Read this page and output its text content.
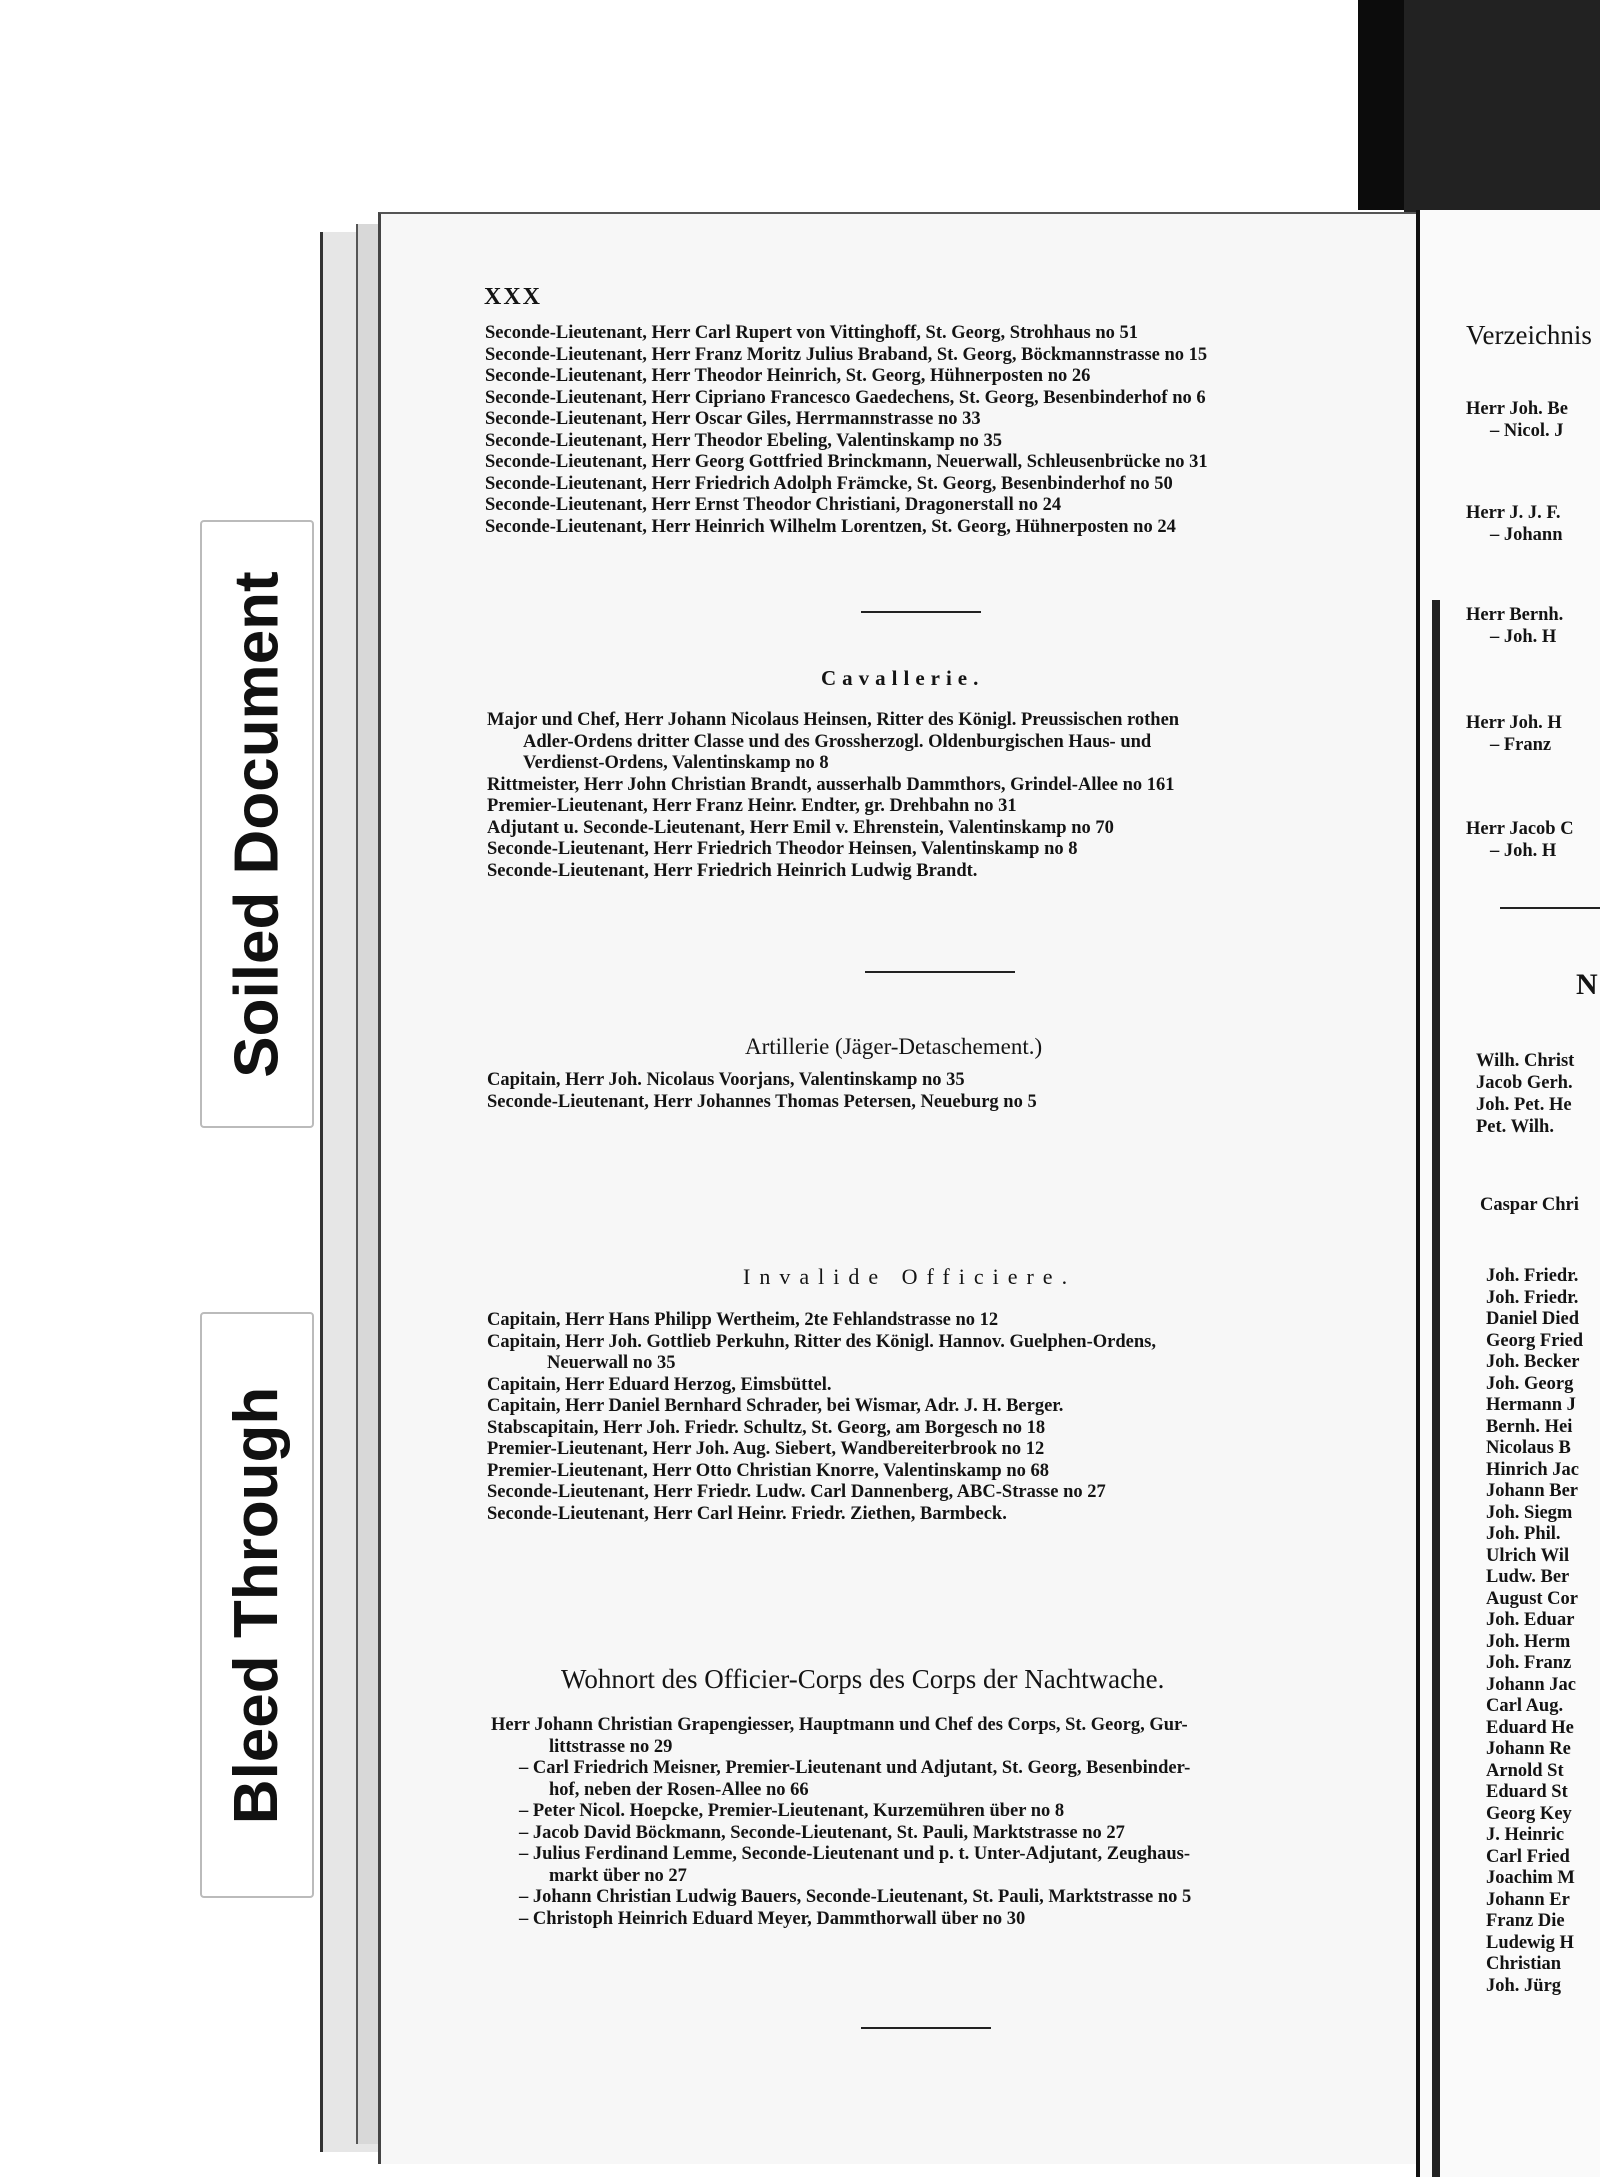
Soiled Document
Bleed Through
XXX
Seconde-Lieutenant, Herr Carl Rupert von Vittinghoff, St. Georg, Strohhaus no 51
Seconde-Lieutenant, Herr Franz Moritz Julius Braband, St. Georg, Böckmannstrasse no 15
Seconde-Lieutenant, Herr Theodor Heinrich, St. Georg, Hühnerposten no 26
Seconde-Lieutenant, Herr Cipriano Francesco Gaedechens, St. Georg, Besenbinderhof no 6
Seconde-Lieutenant, Herr Oscar Giles, Herrmannstrasse no 33
Seconde-Lieutenant, Herr Theodor Ebeling, Valentinskamp no 35
Seconde-Lieutenant, Herr Georg Gottfried Brinckmann, Neuerwall, Schleusenbrücke no 31
Seconde-Lieutenant, Herr Friedrich Adolph Främcke, St. Georg, Besenbinderhof no 50
Seconde-Lieutenant, Herr Ernst Theodor Christiani, Dragonerstall no 24
Seconde-Lieutenant, Herr Heinrich Wilhelm Lorentzen, St. Georg, Hühnerposten no 24
Cavallerie.
Major und Chef, Herr Johann Nicolaus Heinsen, Ritter des Königl. Preussischen rothen
Adler-Ordens dritter Classe und des Grossherzogl. Oldenburgischen Haus- und
Verdienst-Ordens, Valentinskamp no 8
Rittmeister, Herr John Christian Brandt, ausserhalb Dammthors, Grindel-Allee no 161
Premier-Lieutenant, Herr Franz Heinr. Endter, gr. Drehbahn no 31
Adjutant u. Seconde-Lieutenant, Herr Emil v. Ehrenstein, Valentinskamp no 70
Seconde-Lieutenant, Herr Friedrich Theodor Heinsen, Valentinskamp no 8
Seconde-Lieutenant, Herr Friedrich Heinrich Ludwig Brandt.
Artillerie (Jäger-Detaschement.)
Capitain, Herr Joh. Nicolaus Voorjans, Valentinskamp no 35
Seconde-Lieutenant, Herr Johannes Thomas Petersen, Neueburg no 5
Invalide Officiere.
Capitain, Herr Hans Philipp Wertheim, 2te Fehlandstrasse no 12
Capitain, Herr Joh. Gottlieb Perkuhn, Ritter des Königl. Hannov. Guelphen-Ordens,
Neuerwall no 35
Capitain, Herr Eduard Herzog, Eimsbüttel.
Capitain, Herr Daniel Bernhard Schrader, bei Wismar, Adr. J. H. Berger.
Stabscapitain, Herr Joh. Friedr. Schultz, St. Georg, am Borgesch no 18
Premier-Lieutenant, Herr Joh. Aug. Siebert, Wandbereiterbrook no 12
Premier-Lieutenant, Herr Otto Christian Knorre, Valentinskamp no 68
Seconde-Lieutenant, Herr Friedr. Ludw. Carl Dannenberg, ABC-Strasse no 27
Seconde-Lieutenant, Herr Carl Heinr. Friedr. Ziethen, Barmbeck.
Wohnort des Officier-Corps des Corps der Nachtwache.
Herr Johann Christian Grapengiesser, Hauptmann und Chef des Corps, St. Georg, Gur-
littstrasse no 29
– Carl Friedrich Meisner, Premier-Lieutenant und Adjutant, St. Georg, Besenbinder-
hof, neben der Rosen-Allee no 66
– Peter Nicol. Hoepcke, Premier-Lieutenant, Kurzemühren über no 8
– Jacob David Böckmann, Seconde-Lieutenant, St. Pauli, Marktstrasse no 27
– Julius Ferdinand Lemme, Seconde-Lieutenant und p. t. Unter-Adjutant, Zeughaus-
markt über no 27
– Johann Christian Ludwig Bauers, Seconde-Lieutenant, St. Pauli, Marktstrasse no 5
– Christoph Heinrich Eduard Meyer, Dammthorwall über no 30
Verzeichnis
Herr Joh. Be
– Nicol. J
Herr J. J. F.
– Johann
Herr Bernh.
– Joh. H
Herr Joh. H
– Franz
Herr Jacob C
– Joh. H
N
Wilh. Christ
Jacob Gerh.
Joh. Pet. He
Pet. Wilh.
Caspar Chri
Joh. Friedr.
Joh. Friedr.
Daniel Died
Georg Fried
Joh. Becker
Joh. Georg
Hermann J
Bernh. Hei
Nicolaus B
Hinrich Jac
Johann Ber
Joh. Siegm
Joh. Phil.
Ulrich Wil
Ludw. Ber
August Cor
Joh. Eduar
Joh. Herm
Joh. Franz
Johann Jac
Carl Aug.
Eduard He
Johann Re
Arnold St
Eduard St
Georg Key
J. Heinric
Carl Fried
Joachim M
Johann Er
Franz Die
Ludewig H
Christian
Joh. Jürg
